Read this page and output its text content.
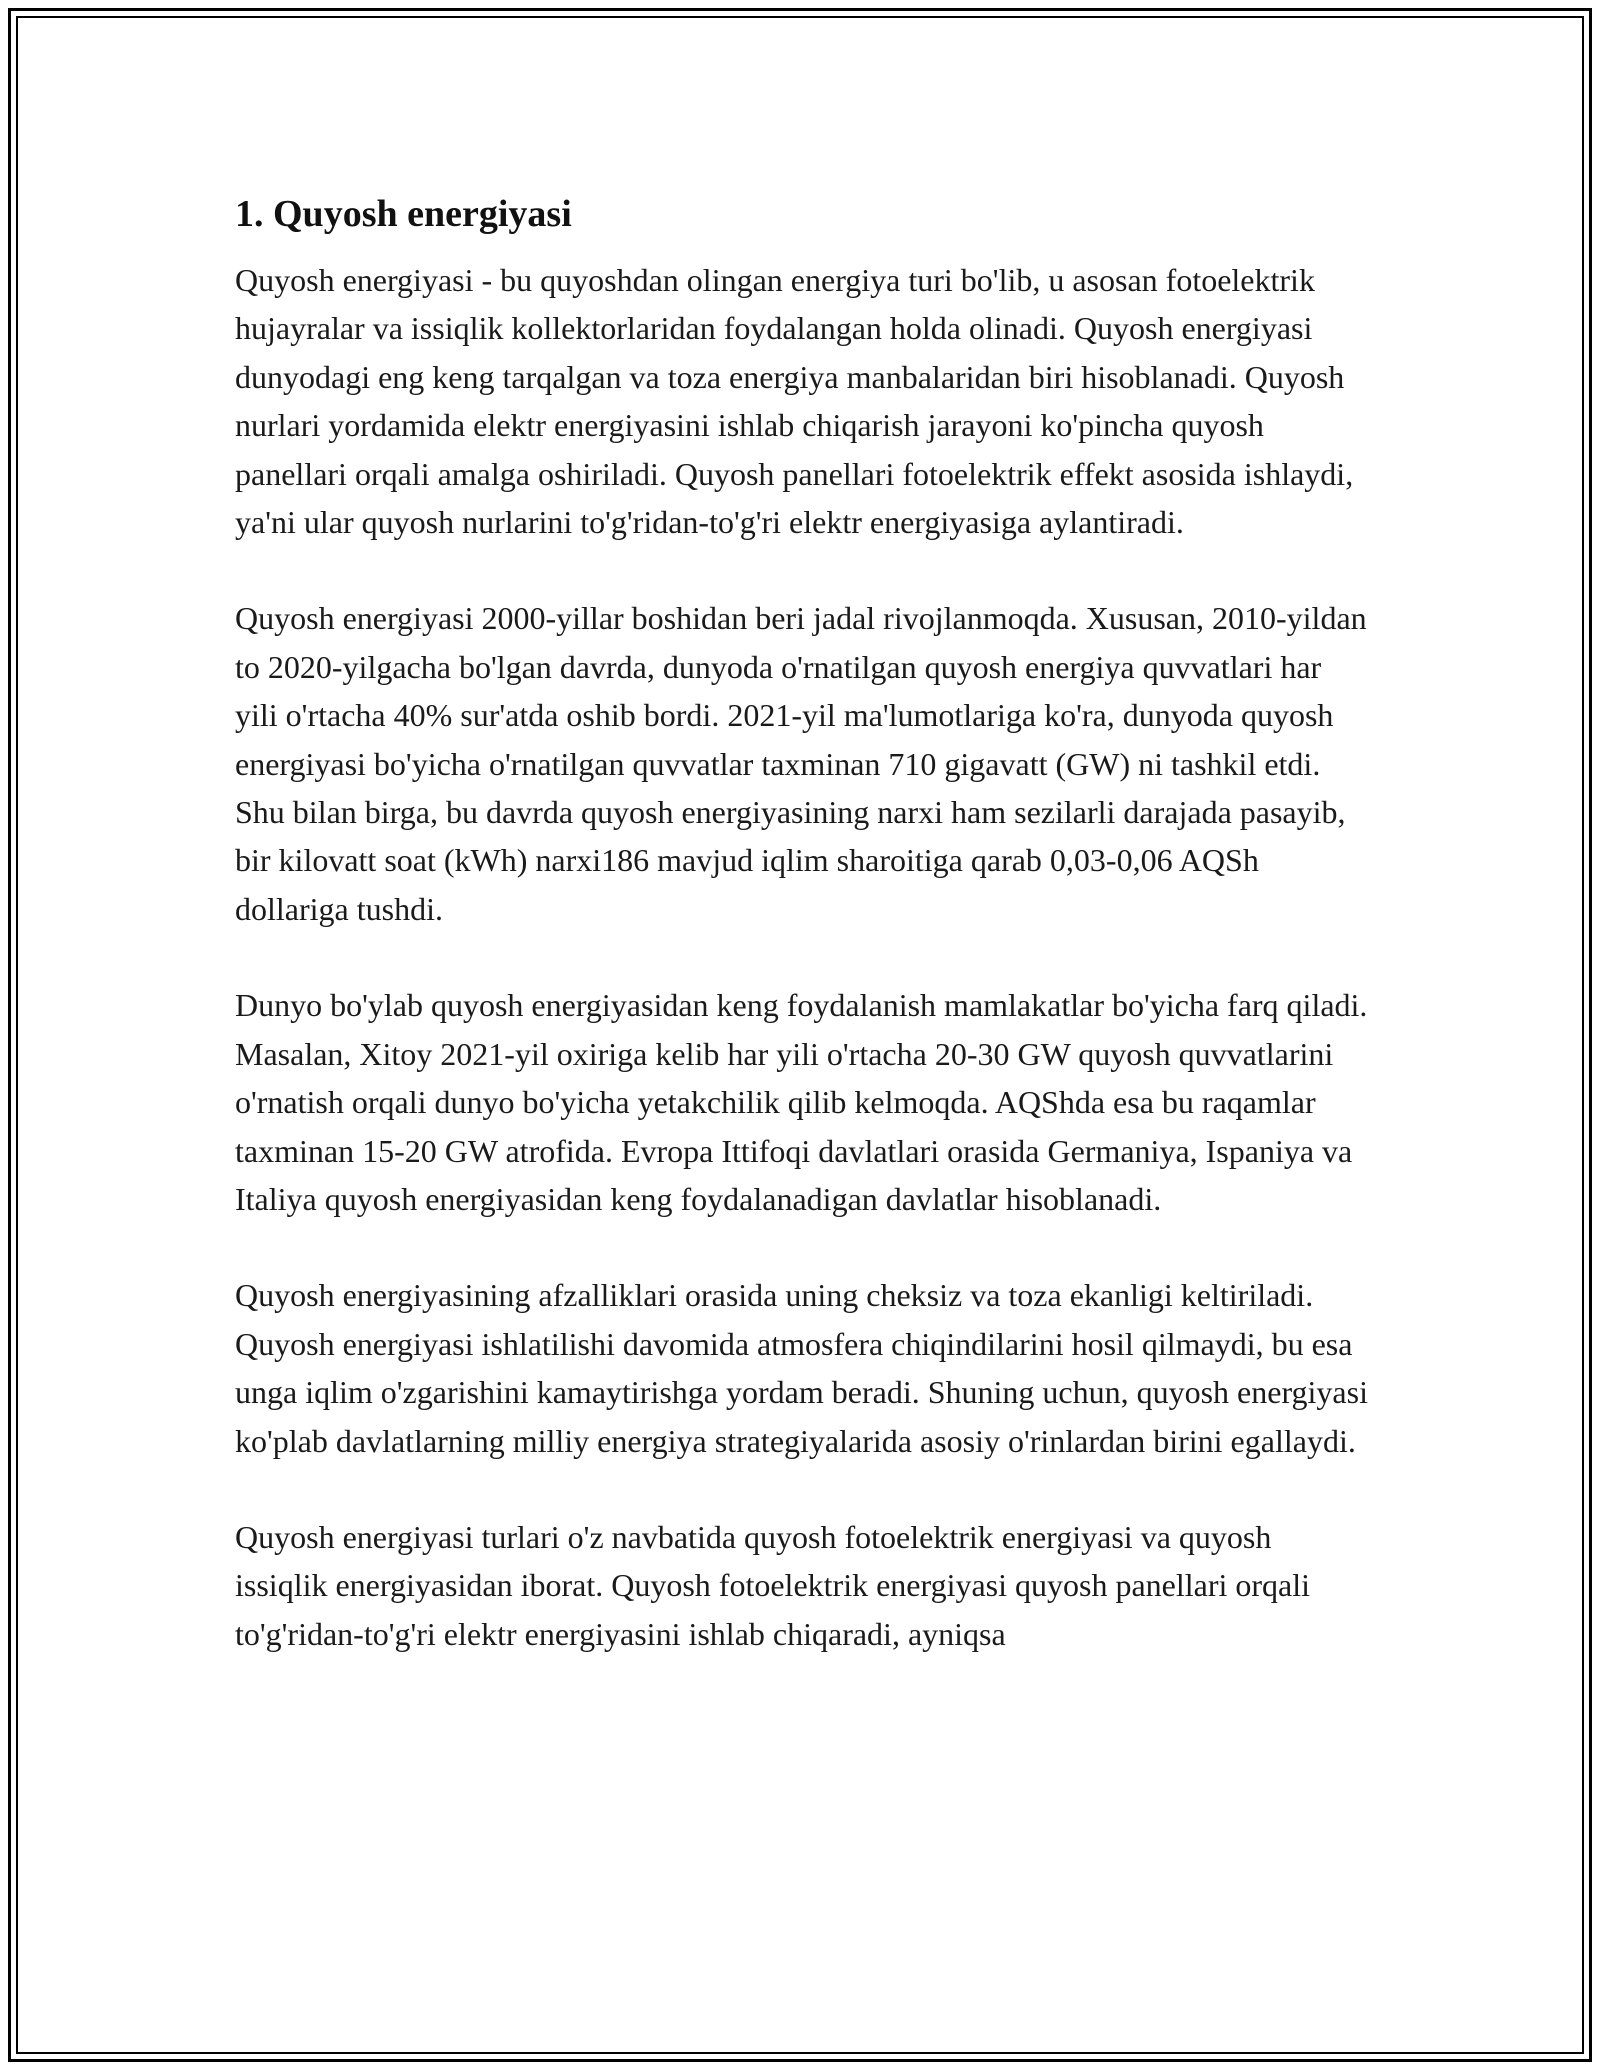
1. Quyosh energiyasi

Quyosh energiyasi - bu quyoshdan olingan energiya turi bo'lib, u asosan fotoelektrik hujayralar va issiqlik kollektorlaridan foydalangan holda olinadi. Quyosh energiyasi dunyodagi eng keng tarqalgan va toza energiya manbalaridan biri hisoblanadi. Quyosh nurlari yordamida elektr energiyasini ishlab chiqarish jarayoni ko'pincha quyosh panellari orqali amalga oshiriladi. Quyosh panellari fotoelektrik effekt asosida ishlaydi, ya'ni ular quyosh nurlarini to'g'ridan-to'g'ri elektr energiyasiga aylantiradi.

Quyosh energiyasi 2000-yillar boshidan beri jadal rivojlanmoqda. Xususan, 2010-yildan to 2020-yilgacha bo'lgan davrda, dunyoda o'rnatilgan quyosh energiya quvvatlari har yili o'rtacha 40% sur'atda oshib bordi. 2021-yil ma'lumotlariga ko'ra, dunyoda quyosh energiyasi bo'yicha o'rnatilgan quvvatlar taxminan 710 gigavatt (GW) ni tashkil etdi. Shu bilan birga, bu davrda quyosh energiyasining narxi ham sezilarli darajada pasayib, bir kilovatt soat (kWh) narxi186 mavjud iqlim sharoitiga qarab 0,03-0,06 AQSh dollariga tushdi.

Dunyo bo'ylab quyosh energiyasidan keng foydalanish mamlakatlar bo'yicha farq qiladi. Masalan, Xitoy 2021-yil oxiriga kelib har yili o'rtacha 20-30 GW quyosh quvvatlarini o'rnatish orqali dunyo bo'yicha yetakchilik qilib kelmoqda. AQShda esa bu raqamlar taxminan 15-20 GW atrofida. Evropa Ittifoqi davlatlari orasida Germaniya, Ispaniya va Italiya quyosh energiyasidan keng foydalanadigan davlatlar hisoblanadi.

Quyosh energiyasining afzalliklari orasida uning cheksiz va toza ekanligi keltiriladi. Quyosh energiyasi ishlatilishi davomida atmosfera chiqindilarini hosil qilmaydi, bu esa unga iqlim o'zgarishini kamaytirishga yordam beradi. Shuning uchun, quyosh energiyasi ko'plab davlatlarning milliy energiya strategiyalarida asosiy o'rinlardan birini egallaydi.

Quyosh energiyasi turlari o'z navbatida quyosh fotoelektrik energiyasi va quyosh issiqlik energiyasidan iborat. Quyosh fotoelektrik energiyasi quyosh panellari orqali to'g'ridan-to'g'ri elektr energiyasini ishlab chiqaradi, ayniqsa
